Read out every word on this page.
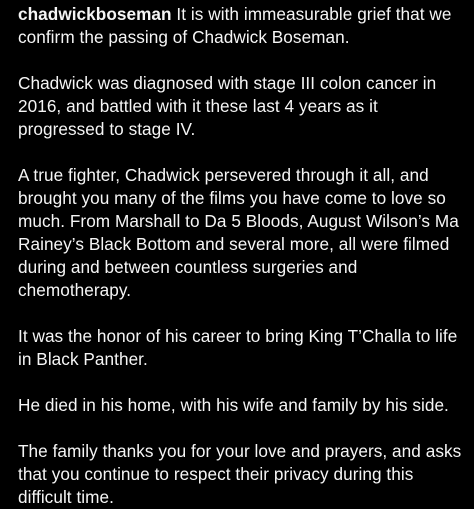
chadwickboseman It is with immeasurable grief that we confirm the passing of Chadwick Boseman.

Chadwick was diagnosed with stage III colon cancer in 2016, and battled with it these last 4 years as it progressed to stage IV.

A true fighter, Chadwick persevered through it all, and brought you many of the films you have come to love so much. From Marshall to Da 5 Bloods, August Wilson’s Ma Rainey’s Black Bottom and several more, all were filmed during and between countless surgeries and chemotherapy.

It was the honor of his career to bring King T’Challa to life in Black Panther.

He died in his home, with his wife and family by his side.

The family thanks you for your love and prayers, and asks that you continue to respect their privacy during this difficult time.
